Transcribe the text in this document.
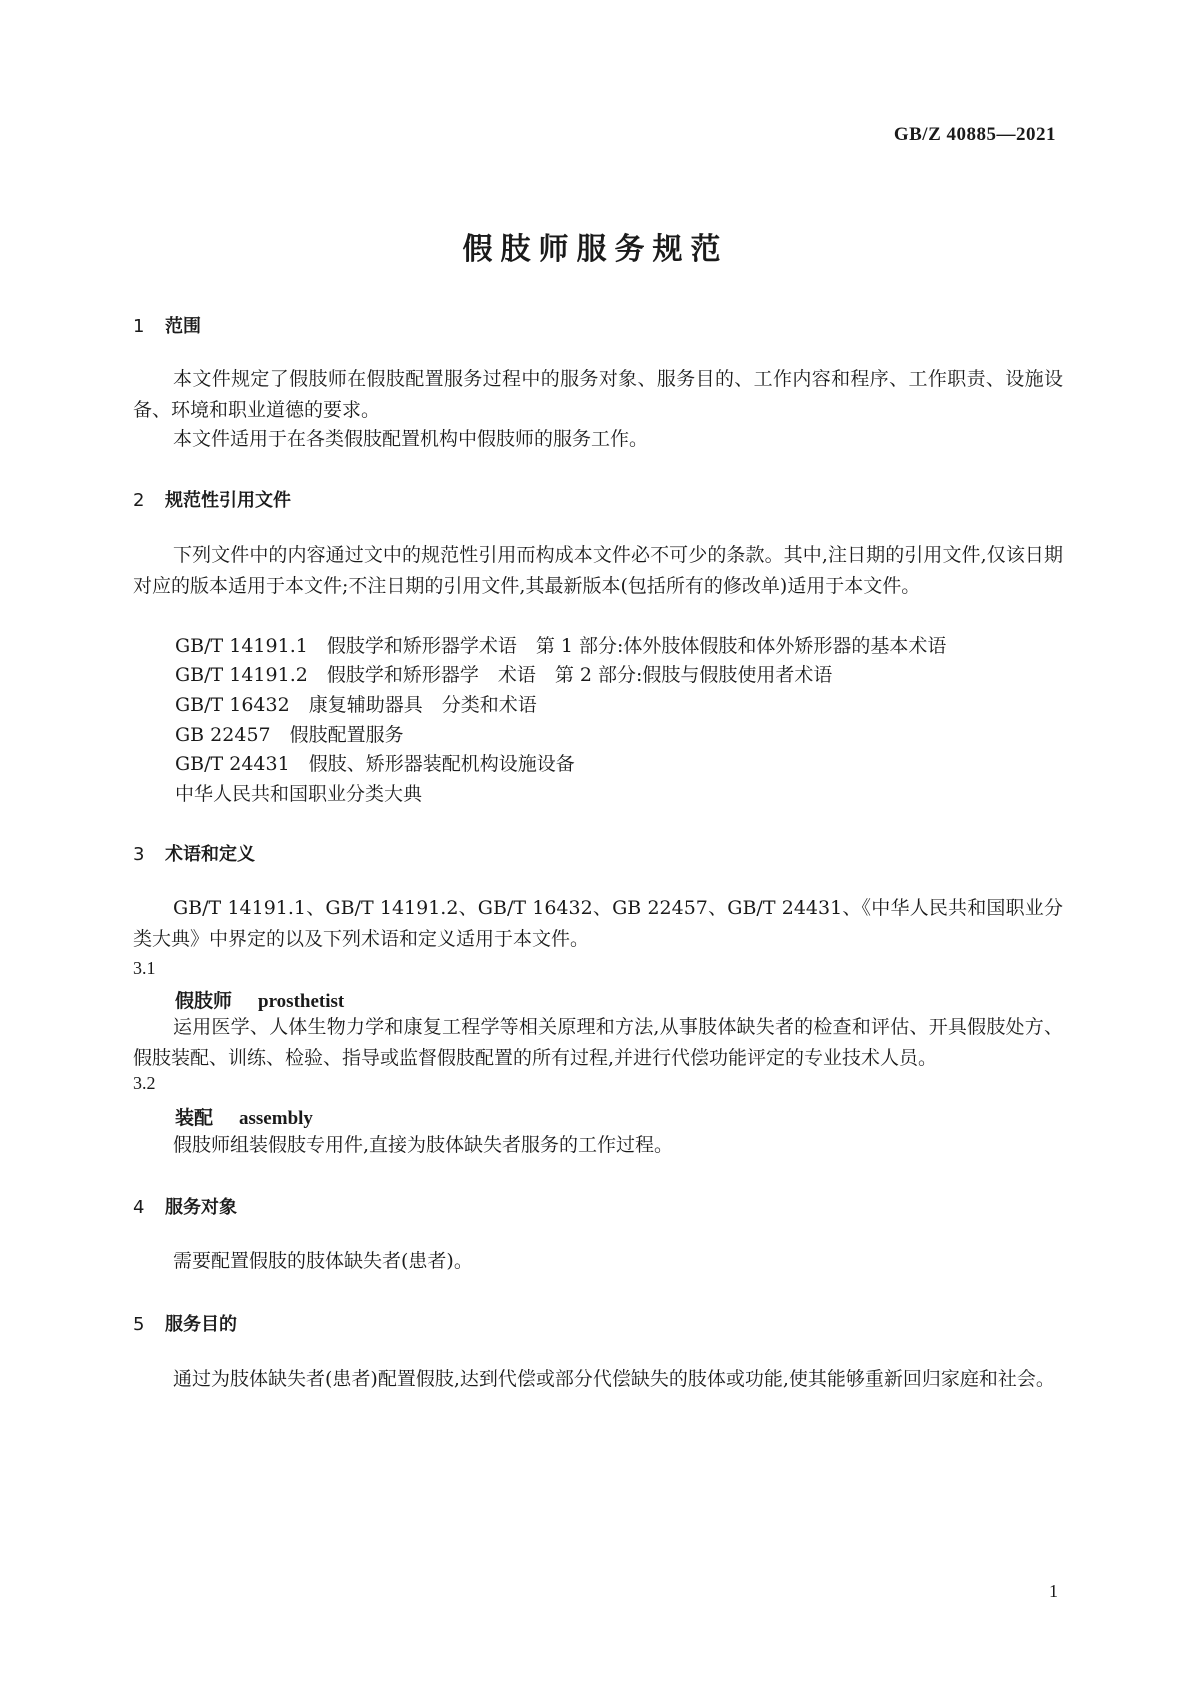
GB/Z 40885—2021
假肢师服务规范
1 范围

本文件规定了假肢师在假肢配置服务过程中的服务对象、服务目的、工作内容和程序、工作职责、设施设备、环境和职业道德的要求。

本文件适用于在各类假肢配置机构中假肢师的服务工作。

2 规范性引用文件

下列文件中的内容通过文中的规范性引用而构成本文件必不可少的条款。其中,注日期的引用文件,仅该日期对应的版本适用于本文件;不注日期的引用文件,其最新版本(包括所有的修改单)适用于本文件。

GB/T 14191.1　假肢学和矫形器学术语　第 1 部分:体外肢体假肢和体外矫形器的基本术语
GB/T 14191.2　假肢学和矫形器学　术语　第 2 部分:假肢与假肢使用者术语
GB/T 16432　康复辅助器具　分类和术语
GB 22457　假肢配置服务
GB/T 24431　假肢、矫形器装配机构设施设备
中华人民共和国职业分类大典
3 术语和定义

GB/T 14191.1、GB/T 14191.2、GB/T 16432、GB 22457、GB/T 24431、《中华人民共和国职业分类大典》中界定的以及下列术语和定义适用于本文件。

3.1
假肢师 prosthetist

运用医学、人体生物力学和康复工程学等相关原理和方法,从事肢体缺失者的检查和评估、开具假肢处方、假肢装配、训练、检验、指导或监督假肢配置的所有过程,并进行代偿功能评定的专业技术人员。

3.2
装配 assembly

假肢师组装假肢专用件,直接为肢体缺失者服务的工作过程。

4 服务对象

需要配置假肢的肢体缺失者(患者)。

5 服务目的

通过为肢体缺失者(患者)配置假肢,达到代偿或部分代偿缺失的肢体或功能,使其能够重新回归家庭和社会。

1
